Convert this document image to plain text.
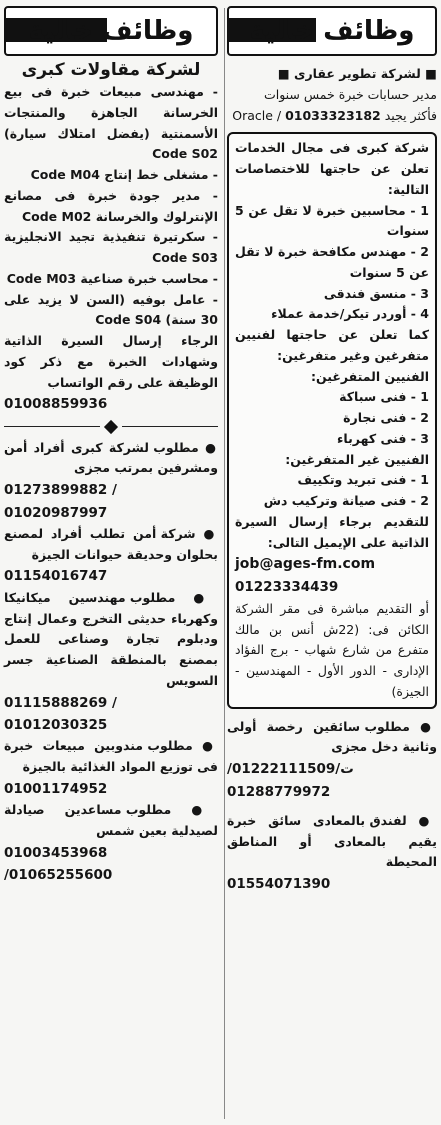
وظائف خالية
■ لشركة تطوير عقارى ■
مدير حسابات خبرة خمس سنوات
فأكثر يجيد Oracle / 01033323182
شركة كبرى فى مجال الخدمات تعلن عن حاجتها للاختصاصات التالية:
1 - محاسبين خبرة لا تقل عن 5 سنوات
2 - مهندس مكافحة خبرة لا تقل عن 5 سنوات
3 - منسق فندقى
4 - أوردر تيكر/خدمة عملاء
كما تعلن عن حاجتها لفنيين متفرغين وغير متفرغين:
الفنيين المتفرغين:
1 - فنى سباكة
2 - فنى نجارة
3 - فنى كهرباء
الفنيين غير المتفرغين:
1 - فنى تبريد وتكييف
2 - فنى صيانة وتركيب دش
للتقديم برجاء إرسال السيرة الذاتية على الإيميل التالى:
job@ages-fm.com
01223334439
أو التقديم مباشرة فى مقر الشركة الكائن فى: (22ش أنس بن مالك متفرع من شارع شهاب - برج الفؤاد الإدارى - الدور الأول - المهندسين - الجيزة)
● مطلوب سائقين رخصة أولى وثانية دخل مجزى
ت/01222111509/ 01288779972
● لفندق بالمعادى سائق خبرة يقيم بالمعادى أو المناطق المحيطة
01554071390
وظائف خالية
لشركة مقاولات كبرى
- مهندسى مبيعات خبرة فى بيع الخرسانة الجاهزة والمنتجات الأسمنتية (يفضل امتلاك سيارة) Code S02
- مشغلى خط إنتاج Code M04
- مدير جودة خبرة فى مصانع الإنترلوك والخرسانة Code M02
- سكرتيرة تنفيذية تجيد الانجليزية Code S03
- محاسب خبرة صناعية Code M03
- عامل بوفيه (السن لا يزيد على 30 سنة) Code S04
الرجاء إرسال السيرة الذاتية وشهادات الخبرة مع ذكر كود الوظيفة على رقم الواتساب
01008859936
● مطلوب لشركة كبرى أفراد أمن ومشرفين بمرتب مجزى
01273899882 / 01020987997
● شركة أمن تطلب أفراد لمصنع بحلوان وحديقة حيوانات الجيزة
01154016747
● مطلوب مهندسين ميكانيكا وكهرباء حديثى التخرج وعمال إنتاج ودبلوم تجارة وصناعى للعمل بمصنع بالمنطقة الصناعية جسر السويس
01115888269 / 01012030325
● مطلوب مندوبين مبيعات خبرة فى توزيع المواد الغذائية بالجيزة
01001174952
● مطلوب مساعدين صيادلة لصيدلية بعين شمس
01003453968 /01065255600
